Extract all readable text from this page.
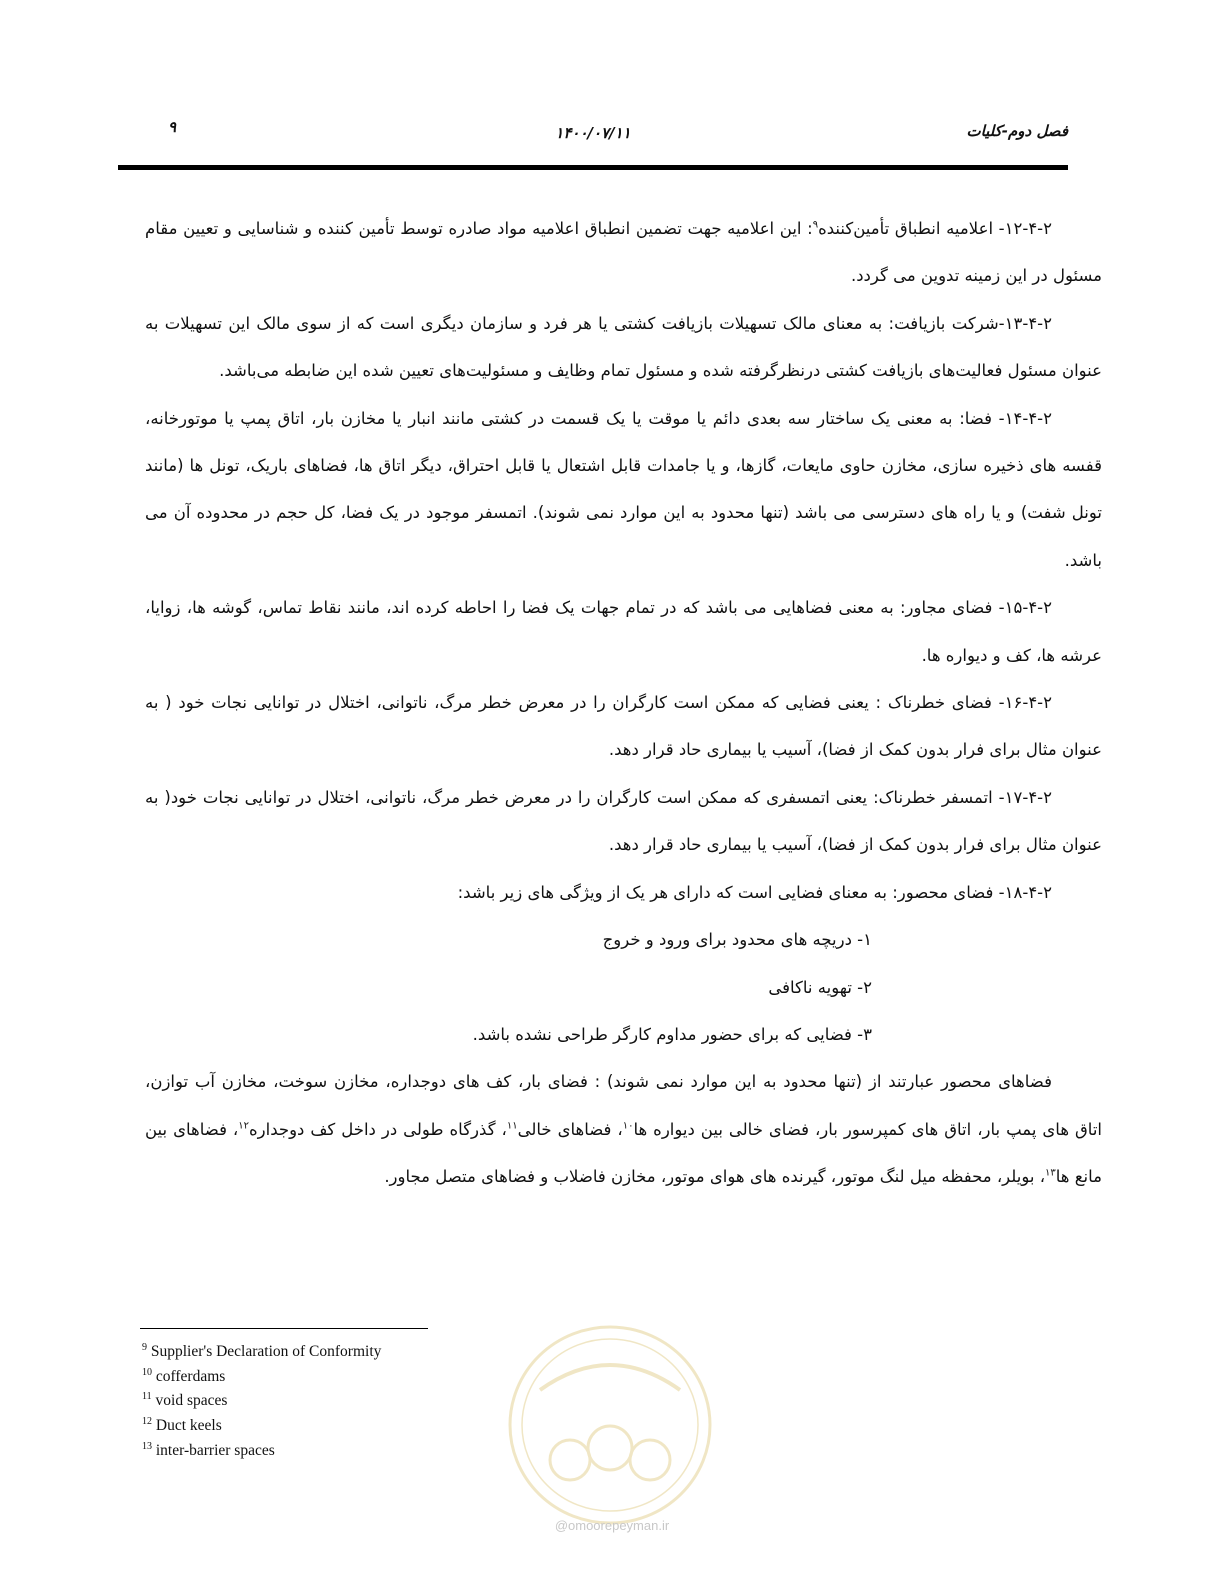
فصل دوم-کلیات
۱۴۰۰/۰۷/۱۱
۹

۱۲-۴-۲- اعلامیه انطباق تأمین‌کننده$^۹$: این اعلامیه جهت تضمین انطباق اعلامیه مواد صادره توسط تأمین کننده و شناسایی و تعیین مقام مسئول در این زمینه تدوین می گردد.

۱۳-۴-۲-شرکت بازیافت: به معنای مالک تسهیلات بازیافت کشتی یا هر فرد و سازمان دیگری است که از سوی مالک این تسهیلات به عنوان مسئول فعالیت‌های بازیافت کشتی درنظرگرفته شده و مسئول تمام وظایف و مسئولیت‌های تعیین شده این ضابطه می‌باشد.

۱۴-۴-۲- فضا: به معنی یک ساختار سه بعدی دائم یا موقت یا یک قسمت در کشتی مانند انبار یا مخازن بار، اتاق پمپ یا موتورخانه، قفسه های ذخیره سازی، مخازن حاوی مایعات، گازها، و یا جامدات قابل اشتعال یا قابل احتراق، دیگر اتاق ها، فضاهای باریک، تونل ها (مانند تونل شفت) و یا راه های دسترسی می باشد (تنها محدود به این موارد نمی شوند). اتمسفر موجود در یک فضا، کل حجم در محدوده آن می باشد.

۱۵-۴-۲- فضای مجاور: به معنی فضاهایی می باشد که در تمام جهات یک فضا را احاطه کرده اند، مانند نقاط تماس، گوشه ها، زوایا، عرشه ها، کف و دیواره ها.

۱۶-۴-۲- فضای خطرناک : یعنی فضایی که ممکن است کارگران را در معرض خطر مرگ، ناتوانی، اختلال در توانایی نجات خود ( به عنوان مثال برای فرار بدون کمک از فضا)، آسیب یا بیماری حاد قرار دهد.

۱۷-۴-۲- اتمسفر خطرناک: یعنی اتمسفری که ممکن است کارگران را در معرض خطر مرگ، ناتوانی، اختلال در توانایی نجات خود( به عنوان مثال برای فرار بدون کمک از فضا)، آسیب یا بیماری حاد قرار دهد.

۱۸-۴-۲- فضای محصور: به معنای فضایی است که دارای هر یک از ویژگی های زیر باشد:

۱- دریچه های محدود برای ورود و خروج

۲- تهویه ناکافی

۳- فضایی که برای حضور مداوم کارگر طراحی نشده باشد.

فضاهای محصور عبارتند از (تنها محدود به این موارد نمی شوند) : فضای بار، کف های دوجداره، مخازن سوخت، مخازن آب توازن، اتاق های پمپ بار، اتاق های کمپرسور بار، فضای خالی بین دیواره ها$^{۱۰}$، فضاهای خالی$^{۱۱}$، گذرگاه طولی در داخل کف دوجداره$^{۱۲}$، فضاهای بین مانع ها$^{۱۳}$، بویلر، محفظه میل لنگ موتور، گیرنده های هوای موتور، مخازن فاضلاب و فضاهای متصل مجاور.

$^9$ Supplier's Declaration of Conformity
$^{10}$ cofferdams
$^{11}$ void spaces
$^{12}$ Duct keels
$^{13}$ inter-barrier spaces
@omoorepeyman.ir
